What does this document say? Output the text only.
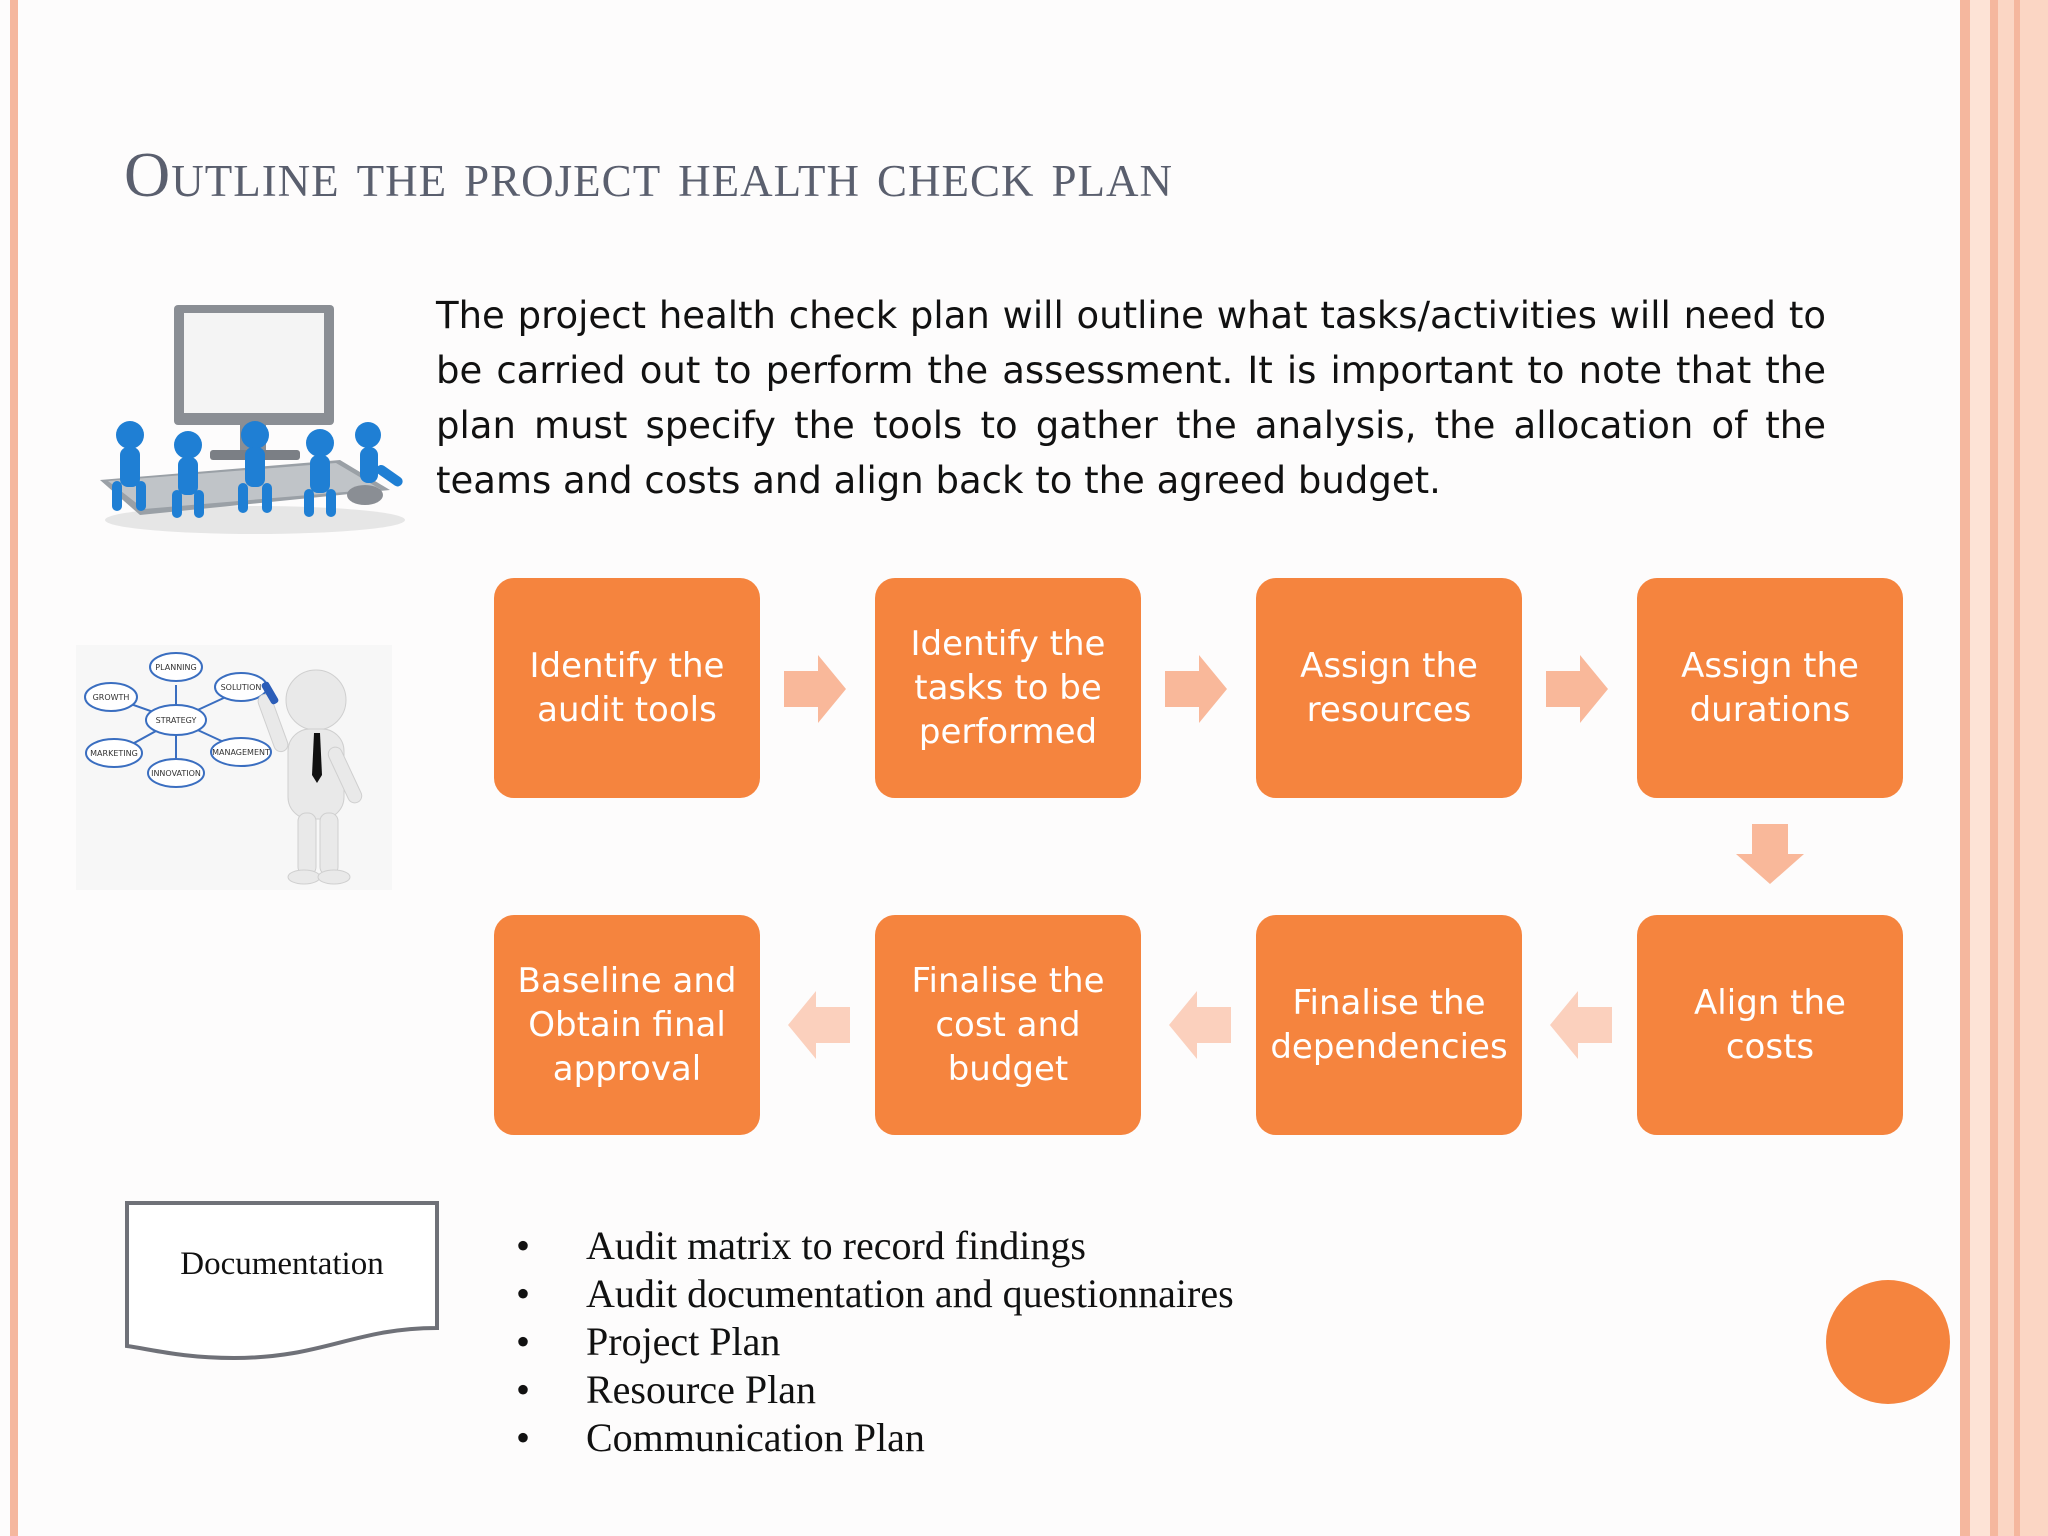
Outline the project health check plan
The project health check plan will outline what tasks/activities will need to be carried out to perform the assessment. It is important to note that the plan must specify the tools to gather the analysis, the allocation of the teams and costs and align back to the agreed budget.
PLANNING
SOLUTION
GROWTH
STRATEGY
MARKETING	MANAGEMENT
INNOVATION
Identify the audit tools
Identify the tasks to be performed
Assign the resources
Assign the durations
Baseline and Obtain final approval
Finalise the cost and budget
Finalise the dependencies
Align the costs
Documentation	• Audit matrix to record findings
• Audit documentation and questionnaires
• Project Plan
• Resource Plan
• Communication Plan
